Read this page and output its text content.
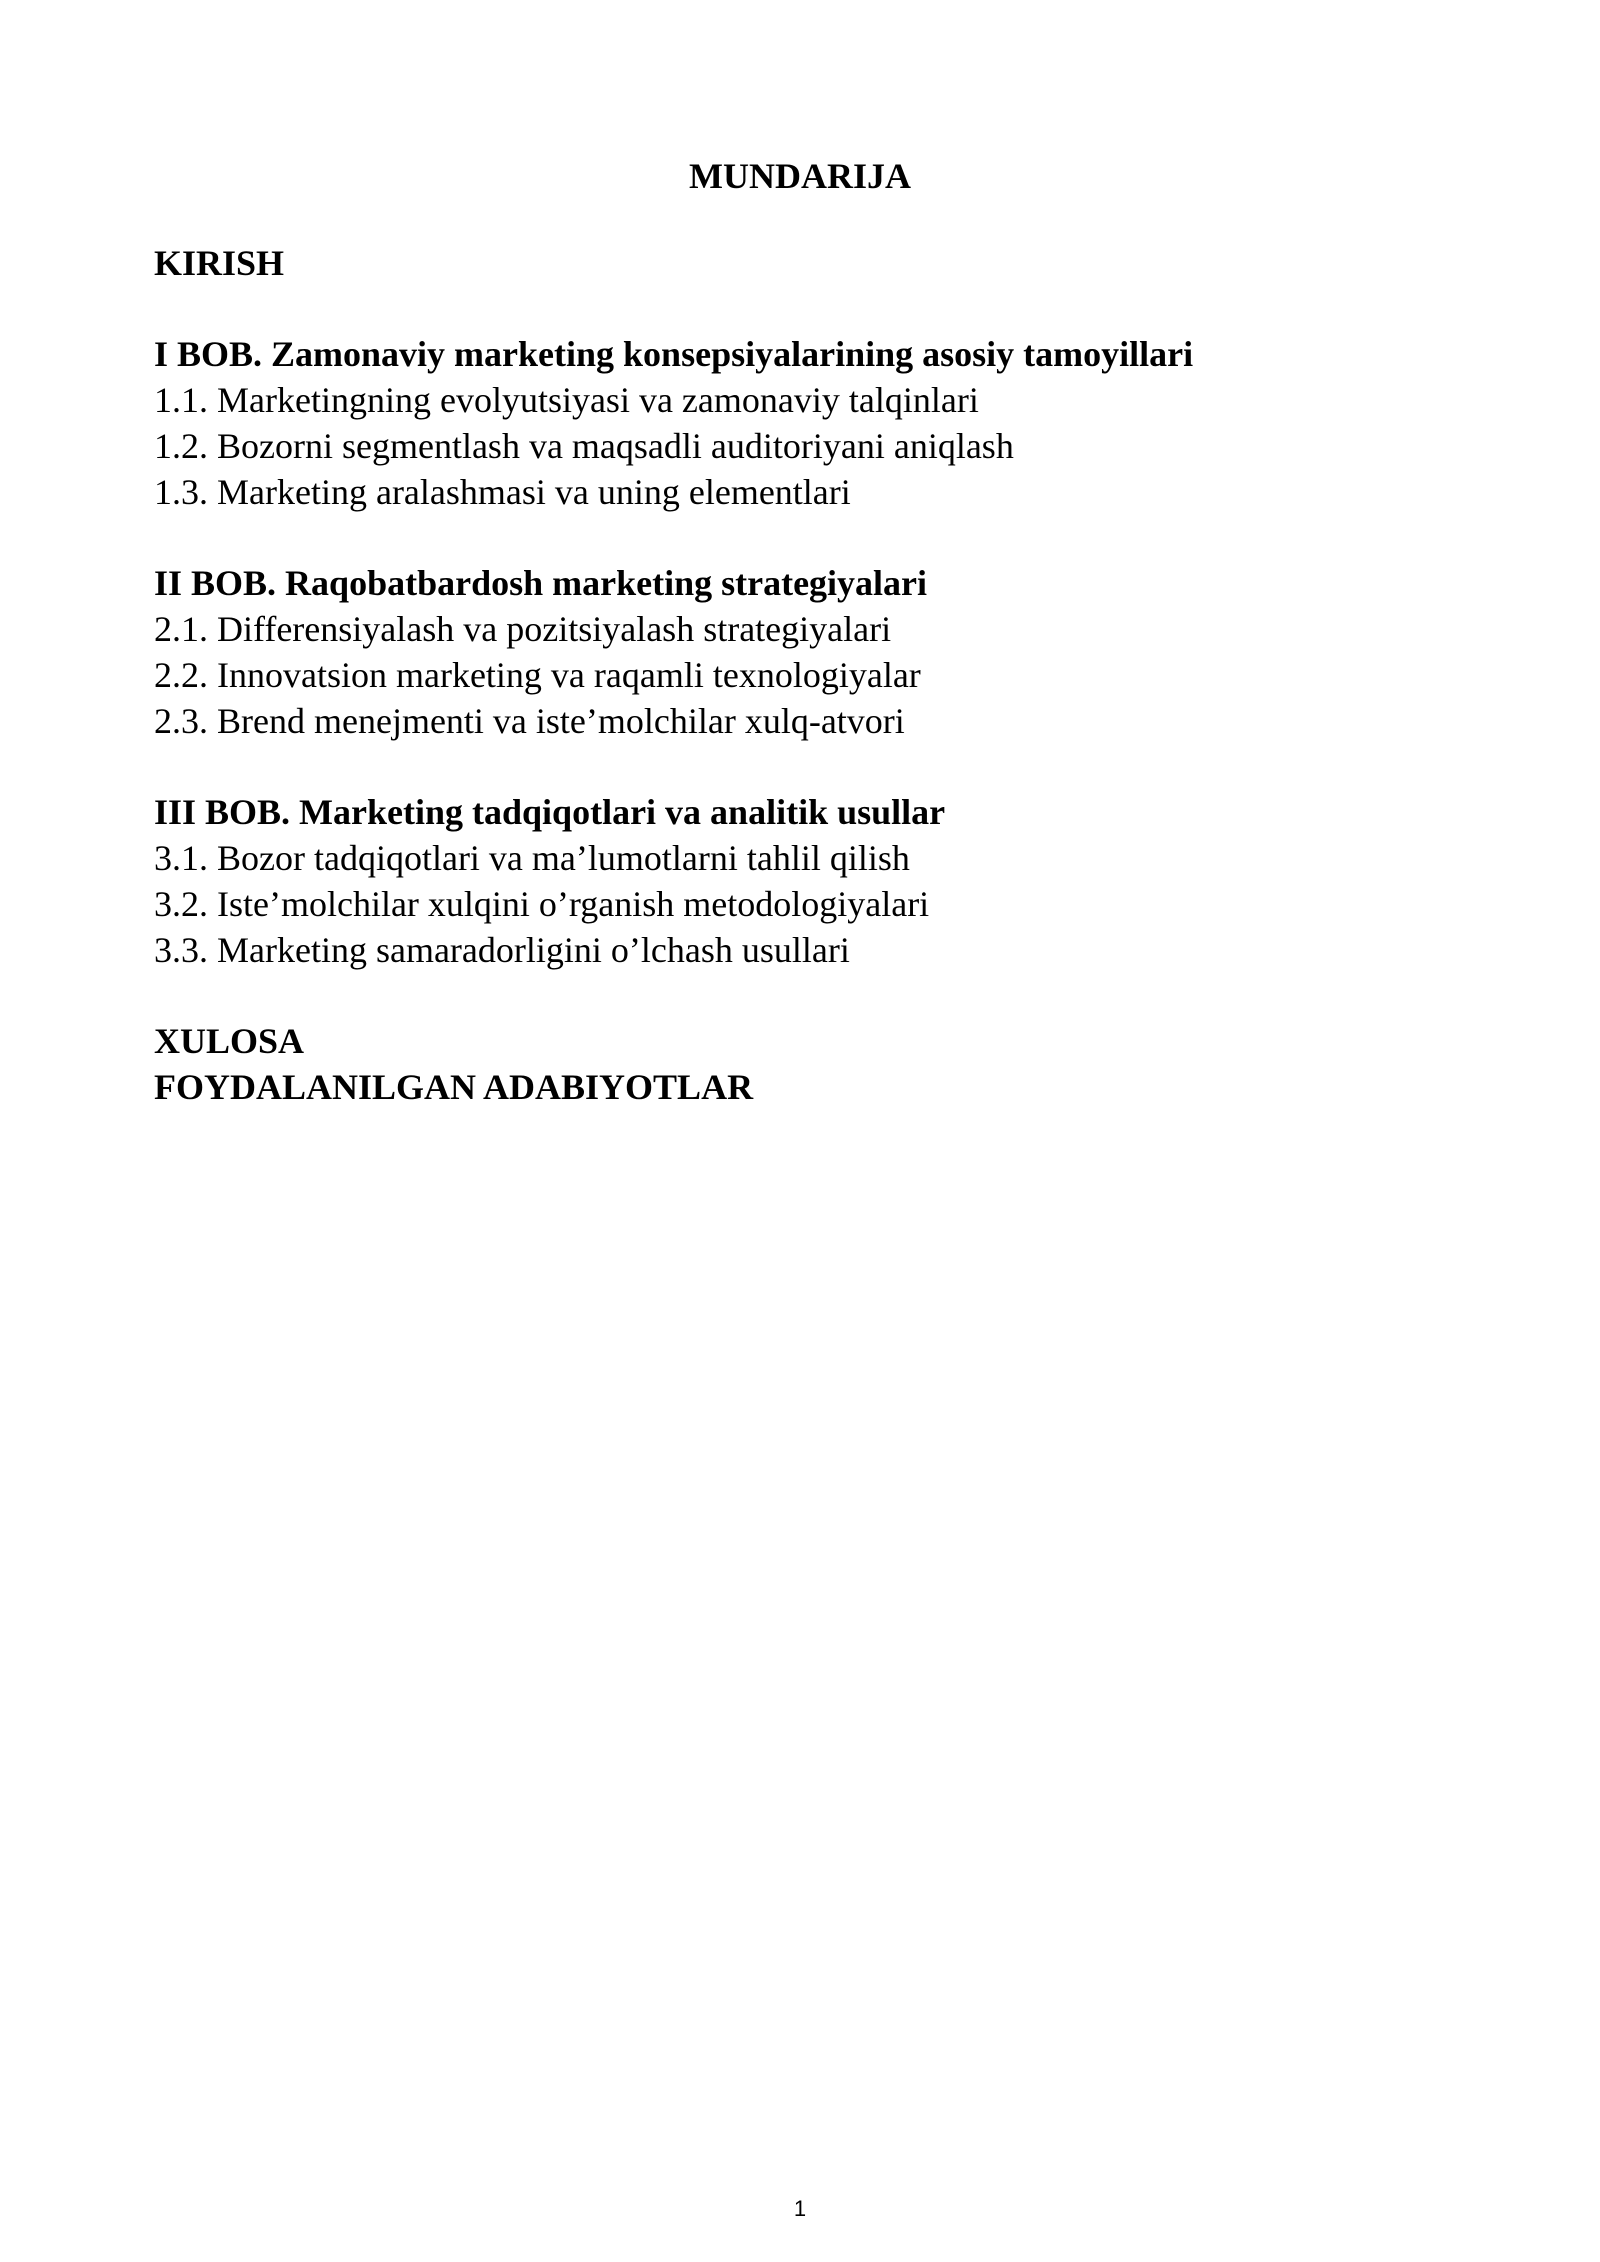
MUNDARIJA
KIRISH
I BOB. Zamonaviy marketing konsepsiyalarining asosiy tamoyillari
1.1. Marketingning evolyutsiyasi va zamonaviy talqinlari
1.2. Bozorni segmentlash va maqsadli auditoriyani aniqlash
1.3. Marketing aralashmasi va uning elementlari
II BOB. Raqobatbardosh marketing strategiyalari
2.1. Differensiyalash va pozitsiyalash strategiyalari
2.2. Innovatsion marketing va raqamli texnologiyalar
2.3. Brend menejmenti va iste’molchilar xulq-atvori
III BOB. Marketing tadqiqotlari va analitik usullar
3.1. Bozor tadqiqotlari va ma’lumotlarni tahlil qilish
3.2. Iste’molchilar xulqini o’rganish metodologiyalari
3.3. Marketing samaradorligini o’lchash usullari
XULOSA
FOYDALANILGAN ADABIYOTLAR
1
